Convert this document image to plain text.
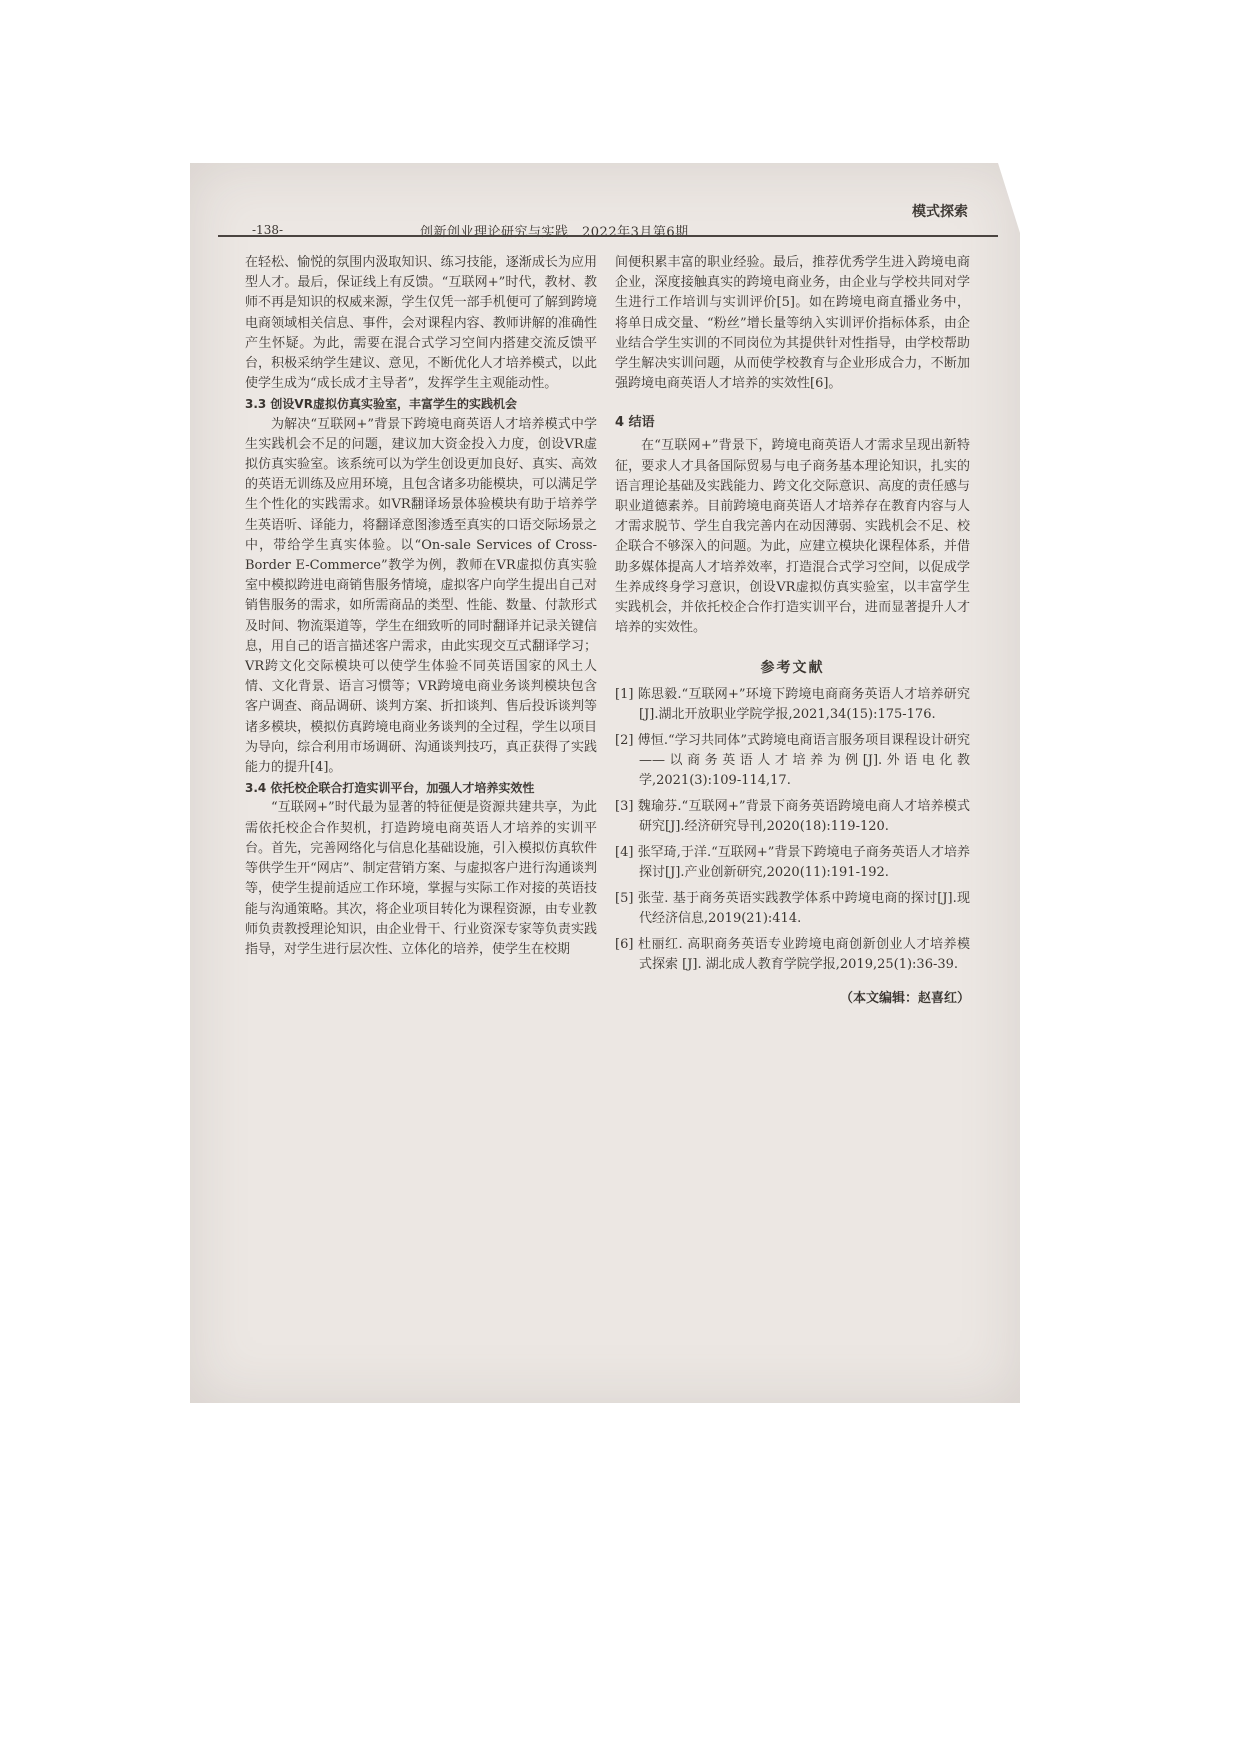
模式探索
-138-	创新创业理论研究与实践　2022年3月第6期

在轻松、愉悦的氛围内汲取知识、练习技能，逐渐成长为应用型人才。最后，保证线上有反馈。“互联网+”时代，教材、教师不再是知识的权威来源，学生仅凭一部手机便可了解到跨境电商领域相关信息、事件，会对课程内容、教师讲解的准确性产生怀疑。为此，需要在混合式学习空间内搭建交流反馈平台，积极采纳学生建议、意见，不断优化人才培养模式，以此使学生成为“成长成才主导者”，发挥学生主观能动性。

3.3 创设VR虚拟仿真实验室，丰富学生的实践机会

为解决“互联网+”背景下跨境电商英语人才培养模式中学生实践机会不足的问题，建议加大资金投入力度，创设VR虚拟仿真实验室。该系统可以为学生创设更加良好、真实、高效的英语无训练及应用环境，且包含诸多功能模块，可以满足学生个性化的实践需求。如VR翻译场景体验模块有助于培养学生英语听、译能力，将翻译意图渗透至真实的口语交际场景之中，带给学生真实体验。以“On-sale Services of Cross-Border E-Commerce”教学为例，教师在VR虚拟仿真实验室中模拟跨进电商销售服务情境，虚拟客户向学生提出自己对销售服务的需求，如所需商品的类型、性能、数量、付款形式及时间、物流渠道等，学生在细致听的同时翻译并记录关键信息，用自己的语言描述客户需求，由此实现交互式翻译学习；VR跨文化交际模块可以使学生体验不同英语国家的风土人情、文化背景、语言习惯等；VR跨境电商业务谈判模块包含客户调查、商品调研、谈判方案、折扣谈判、售后投诉谈判等诸多模块，模拟仿真跨境电商业务谈判的全过程，学生以项目为导向，综合利用市场调研、沟通谈判技巧，真正获得了实践能力的提升[4]。

3.4 依托校企联合打造实训平台，加强人才培养实效性

“互联网+”时代最为显著的特征便是资源共建共享，为此需依托校企合作契机，打造跨境电商英语人才培养的实训平台。首先，完善网络化与信息化基础设施，引入模拟仿真软件等供学生开“网店”、制定营销方案、与虚拟客户进行沟通谈判等，使学生提前适应工作环境，掌握与实际工作对接的英语技能与沟通策略。其次，将企业项目转化为课程资源，由专业教师负责教授理论知识，由企业骨干、行业资深专家等负责实践指导，对学生进行层次性、立体化的培养，使学生在校期

间便积累丰富的职业经验。最后，推荐优秀学生进入跨境电商企业，深度接触真实的跨境电商业务，由企业与学校共同对学生进行工作培训与实训评价[5]。如在跨境电商直播业务中，将单日成交量、“粉丝”增长量等纳入实训评价指标体系，由企业结合学生实训的不同岗位为其提供针对性指导，由学校帮助学生解决实训问题，从而使学校教育与企业形成合力，不断加强跨境电商英语人才培养的实效性[6]。

4 结语

在“互联网+”背景下，跨境电商英语人才需求呈现出新特征，要求人才具备国际贸易与电子商务基本理论知识，扎实的语言理论基础及实践能力、跨文化交际意识、高度的责任感与职业道德素养。目前跨境电商英语人才培养存在教育内容与人才需求脱节、学生自我完善内在动因薄弱、实践机会不足、校企联合不够深入的问题。为此，应建立模块化课程体系，并借助多媒体提高人才培养效率，打造混合式学习空间，以促成学生养成终身学习意识，创设VR虚拟仿真实验室，以丰富学生实践机会，并依托校企合作打造实训平台，进而显著提升人才培养的实效性。

参考文献
[1] 陈思毅.“互联网+”环境下跨境电商商务英语人才培养研究[J].湖北开放职业学院学报,2021,34(15):175-176.
[2] 傅恒.“学习共同体”式跨境电商语言服务项目课程设计研究——以商务英语人才培养为例[J].外语电化教学,2021(3):109-114,17.
[3] 魏瑜芬.“互联网+”背景下商务英语跨境电商人才培养模式研究[J].经济研究导刊,2020(18):119-120.
[4] 张罕琦,于洋.“互联网+”背景下跨境电子商务英语人才培养探讨[J].产业创新研究,2020(11):191-192.
[5] 张莹. 基于商务英语实践教学体系中跨境电商的探讨[J].现代经济信息,2019(21):414.
[6] 杜丽红. 高职商务英语专业跨境电商创新创业人才培养模式探索 [J]. 湖北成人教育学院学报,2019,25(1):36-39.
（本文编辑：赵喜红）
